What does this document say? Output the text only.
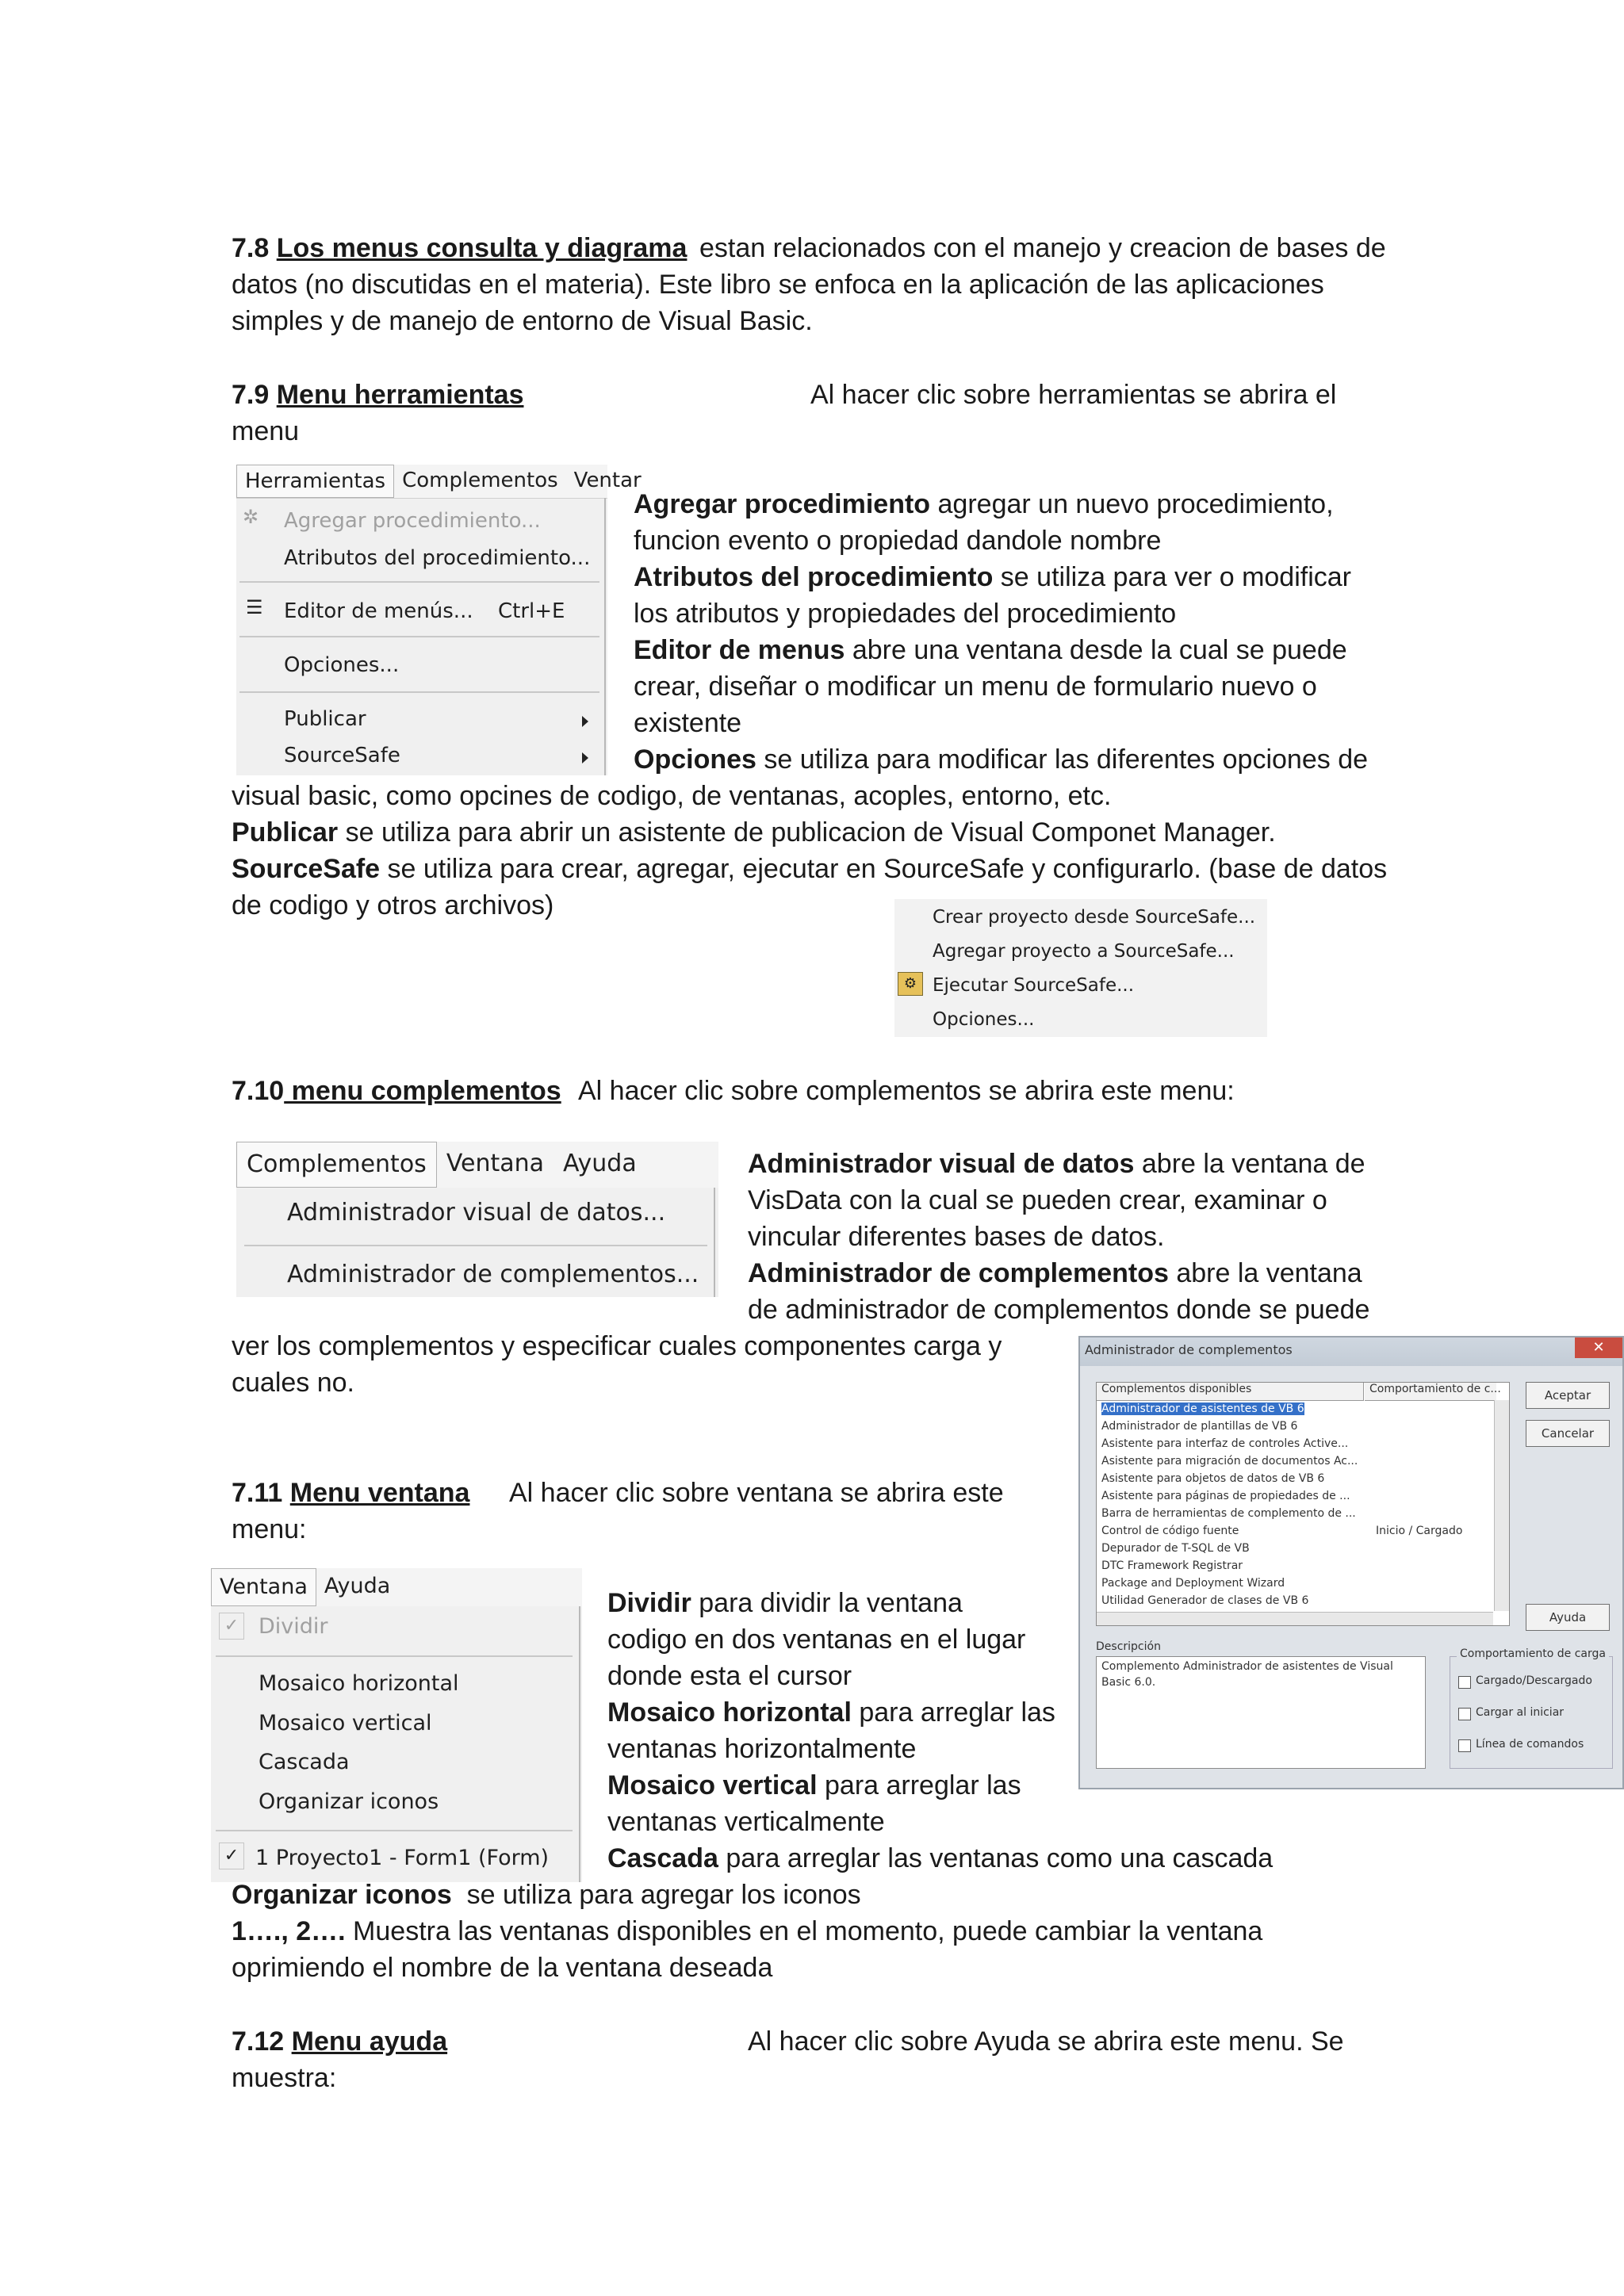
7.8 Los menus consulta y diagrama estan relacionados con el manejo y creacion de bases de
datos (no discutidas en el materia). Este libro se enfoca en la aplicación de las aplicaciones
simples y de manejo de entorno de Visual Basic.
7.9 Menu herramientas	Al hacer clic sobre herramientas se abrira el
menu
Herramientas Complementos Ventar
✲ Agregar procedimiento...
Atributos del procedimiento...
☰ Editor de menús... Ctrl+E
Opciones...
Publicar
SourceSafe
Agregar procedimiento agregar un nuevo procedimiento,
funcion evento o propiedad dandole nombre
Atributos del procedimiento se utiliza para ver o modificar
los atributos y propiedades del procedimiento
Editor de menus abre una ventana desde la cual se puede
crear, diseñar o modificar un menu de formulario nuevo o
existente
Opciones se utiliza para modificar las diferentes opciones de
visual basic, como opcines de codigo, de ventanas, acoples, entorno, etc.
Publicar se utiliza para abrir un asistente de publicacion de Visual Componet Manager.
SourceSafe se utiliza para crear, agregar, ejecutar en SourceSafe y configurarlo. (base de datos
de codigo y otros archivos)	Crear proyecto desde SourceSafe...
Agregar proyecto a SourceSafe...
⚙ Ejecutar SourceSafe...
Opciones...
7.10 menu complementos Al hacer clic sobre complementos se abrira este menu:
Complementos Ventana Ayuda
Administrador visual de datos...
Administrador de complementos...
Administrador visual de datos abre la ventana de
VisData con la cual se pueden crear, examinar o
vincular diferentes bases de datos.
Administrador de complementos abre la ventana
de administrador de complementos donde se puede
ver los complementos y especificar cuales componentes carga y
cuales no.
Administrador de complementos	✕
Complementos disponibles	Comportamiento de c...
Administrador de asistentes de VB 6
Administrador de plantillas de VB 6
Asistente para interfaz de controles Active...
Asistente para migración de documentos Ac...
Asistente para objetos de datos de VB 6
Asistente para páginas de propiedades de ...
Barra de herramientas de complemento de ...
Control de código fuente	Inicio / Cargado
Depurador de T-SQL de VB
DTC Framework Registrar
Package and Deployment Wizard
Utilidad Generador de clases de VB 6
Aceptar
Cancelar
Ayuda
Descripción
Complemento Administrador de asistentes de Visual
Basic 6.0.
Comportamiento de carga
Cargado/Descargado
Cargar al iniciar
Línea de comandos
7.11 Menu ventana Al hacer clic sobre ventana se abrira este
menu:
Ventana Ayuda
✓ Dividir
Mosaico horizontal
Mosaico vertical
Cascada
Organizar iconos
✓ 1 Proyecto1 - Form1 (Form)
Dividir para dividir la ventana
codigo en dos ventanas en el lugar
donde esta el cursor
Mosaico horizontal para arreglar las
ventanas horizontalmente
Mosaico vertical para arreglar las
ventanas verticalmente
Cascada para arreglar las ventanas como una cascada
Organizar iconos  se utiliza para agregar los iconos
1…., 2…. Muestra las ventanas disponibles en el momento, puede cambiar la ventana
oprimiendo el nombre de la ventana deseada
7.12 Menu ayuda	Al hacer clic sobre Ayuda se abrira este menu. Se
muestra:
